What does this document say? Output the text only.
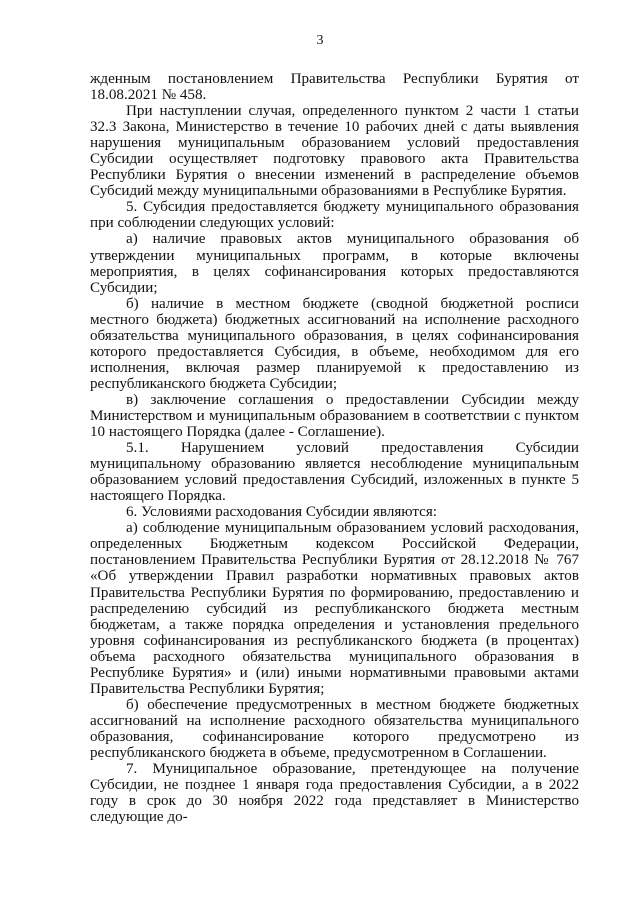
3

жденным постановлением Правительства Республики Бурятия от 18.08.2021 № 458.

При наступлении случая, определенного пунктом 2 части 1 статьи 32.3 Закона, Министерство в течение 10 рабочих дней с даты выявления нарушения муниципальным образованием условий предоставления Субсидии осуществляет подготовку правового акта Правительства Республики Бурятия о внесении изменений в распределение объемов Субсидий между муниципальными образованиями в Республике Бурятия.

5. Субсидия предоставляется бюджету муниципального образования при соблюдении следующих условий:

а) наличие правовых актов муниципального образования об утверждении муниципальных программ, в которые включены мероприятия, в целях софинансирования которых предоставляются Субсидии;

б) наличие в местном бюджете (сводной бюджетной росписи местного бюджета) бюджетных ассигнований на исполнение расходного обязательства муниципального образования, в целях софинансирования которого предоставляется Субсидия, в объеме, необходимом для его исполнения, включая размер планируемой к предоставлению из республиканского бюджета Субсидии;

в) заключение соглашения о предоставлении Субсидии между Министерством и муниципальным образованием в соответствии с пунктом 10 настоящего Порядка (далее - Соглашение).

5.1. Нарушением условий предоставления Субсидии муниципальному образованию является несоблюдение муниципальным образованием условий предоставления Субсидий, изложенных в пункте 5 настоящего Порядка.

6. Условиями расходования Субсидии являются:

а) соблюдение муниципальным образованием условий расходования, определенных Бюджетным кодексом Российской Федерации, постановлением Правительства Республики Бурятия от 28.12.2018 № 767 «Об утверждении Правил разработки нормативных правовых актов Правительства Республики Бурятия по формированию, предоставлению и распределению субсидий из республиканского бюджета местным бюджетам, а также порядка определения и установления предельного уровня софинансирования из республиканского бюджета (в процентах) объема расходного обязательства муниципального образования в Республике Бурятия» и (или) иными нормативными правовыми актами Правительства Республики Бурятия;

б) обеспечение предусмотренных в местном бюджете бюджетных ассигнований на исполнение расходного обязательства муниципального образования, софинансирование которого предусмотрено из республиканского бюджета в объеме, предусмотренном в Соглашении.

7. Муниципальное образование, претендующее на получение Субсидии, не позднее 1 января года предоставления Субсидии, а в 2022 году в срок до 30 ноября 2022 года представляет в Министерство следующие до-
